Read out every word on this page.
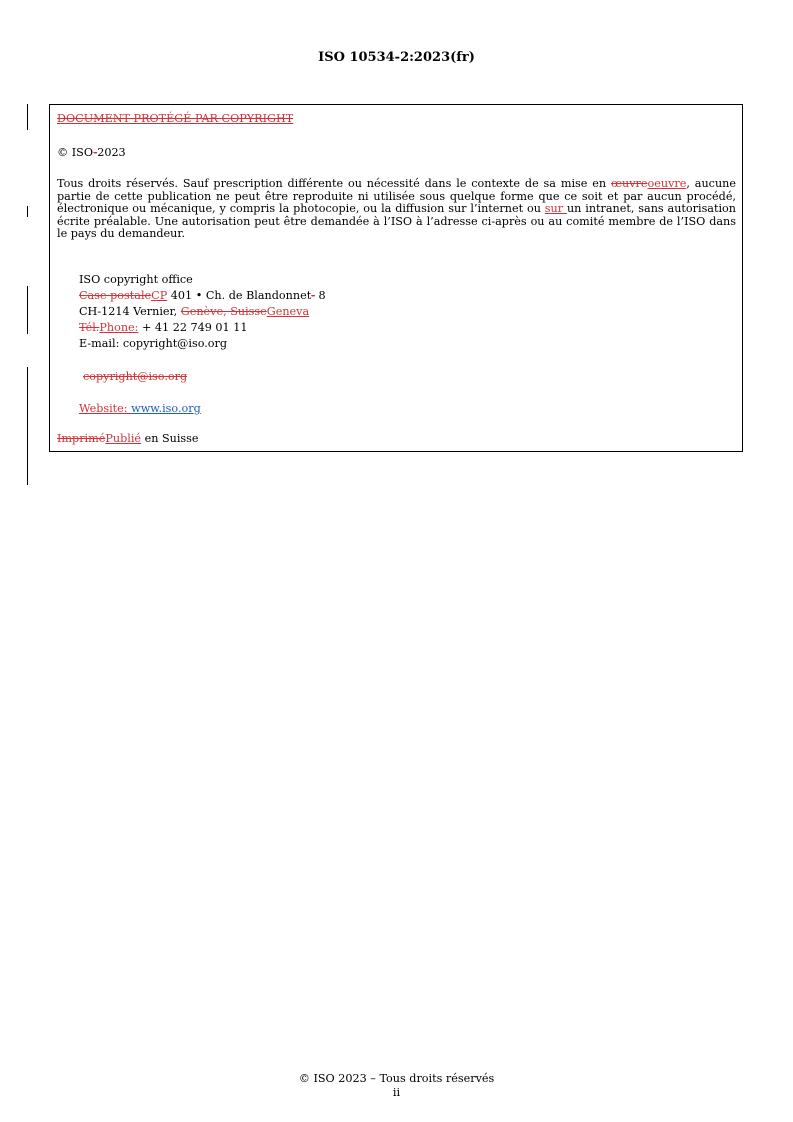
ISO 10534-2:2023(fr)
DOCUMENT PROTÉGÉ PAR COPYRIGHT
© ISO-2023
Tous droits réservés. Sauf prescription différente ou nécessité dans le contexte de sa mise en œuvreoeuvre, aucune partie de cette publication ne peut être reproduite ni utilisée sous quelque forme que ce soit et par aucun procédé, électronique ou mécanique, y compris la photocopie, ou la diffusion sur l’internet ou sur un intranet, sans autorisation écrite préalable. Une autorisation peut être demandée à l’ISO à l’adresse ci-après ou au comité membre de l’ISO dans le pays du demandeur.
ISO copyright office
Case postaleCP 401 • Ch. de Blandonnet- 8
CH-1214 Vernier, Genève, SuisseGeneva
Tél.Phone: + 41 22 749 01 11
E-mail: copyright@iso.org
copyright@iso.org
Website: www.iso.org
ImpriméPublié en Suisse
© ISO 2023 – Tous droits réservés
ii
